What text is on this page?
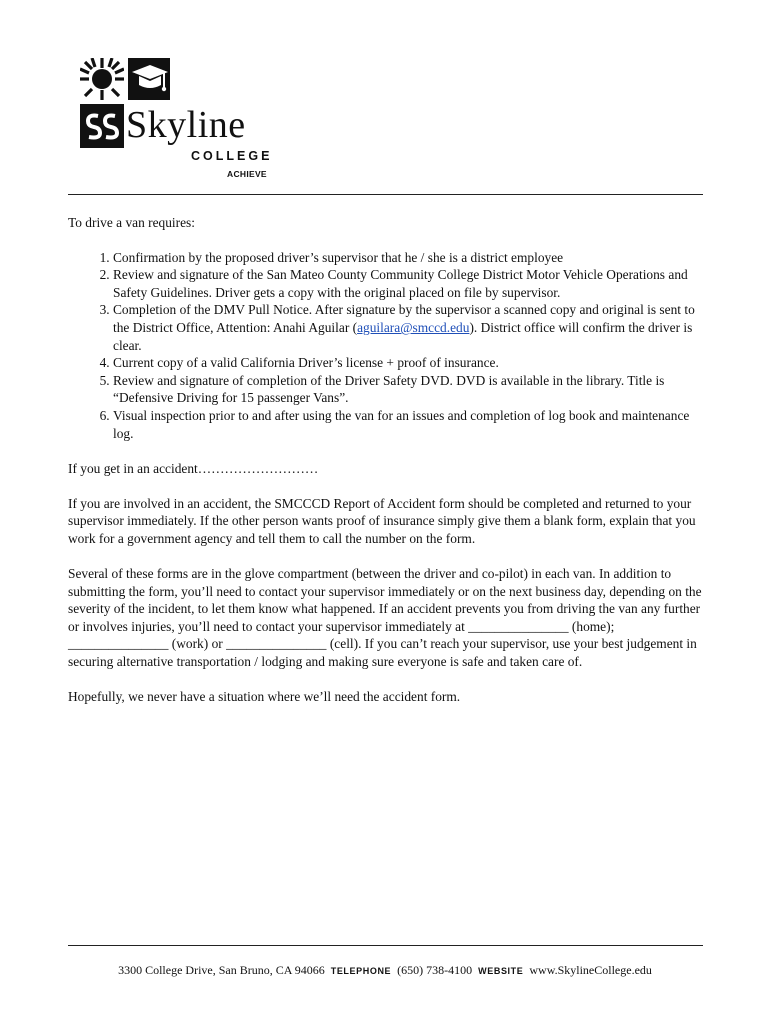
Skyline
COLLEGE
ACHIEVE

To drive a van requires:

1. Confirmation by the proposed driver’s supervisor that he / she is a district employee
2. Review and signature of the San Mateo County Community College District Motor Vehicle Operations and Safety Guidelines. Driver gets a copy with the original placed on file by supervisor.
3. Completion of the DMV Pull Notice. After signature by the supervisor a scanned copy and original is sent to the District Office, Attention: Anahi Aguilar (aguilara@smccd.edu). District office will confirm the driver is clear.
4. Current copy of a valid California Driver’s license + proof of insurance.
5. Review and signature of completion of the Driver Safety DVD. DVD is available in the library. Title is “Defensive Driving for 15 passenger Vans”.
6. Visual inspection prior to and after using the van for an issues and completion of log book and maintenance log.

If you get in an accident………………………

If you are involved in an accident, the SMCCCD Report of Accident form should be completed and returned to your supervisor immediately. If the other person wants proof of insurance simply give them a blank form, explain that you work for a government agency and tell them to call the number on the form.

Several of these forms are in the glove compartment (between the driver and co-pilot) in each van. In addition to submitting the form, you’ll need to contact your supervisor immediately or on the next business day, depending on the severity of the incident, to let them know what happened. If an accident prevents you from driving the van any further or involves injuries, you’ll need to contact your supervisor immediately at _______________ (home); _______________ (work) or _______________ (cell). If you can’t reach your supervisor, use your best judgement in securing alternative transportation / lodging and making sure everyone is safe and taken care of.

Hopefully, we never have a situation where we’ll need the accident form.

3300 College Drive, San Bruno, CA 94066 TELEPHONE (650) 738-4100 WEBSITE www.SkylineCollege.edu
